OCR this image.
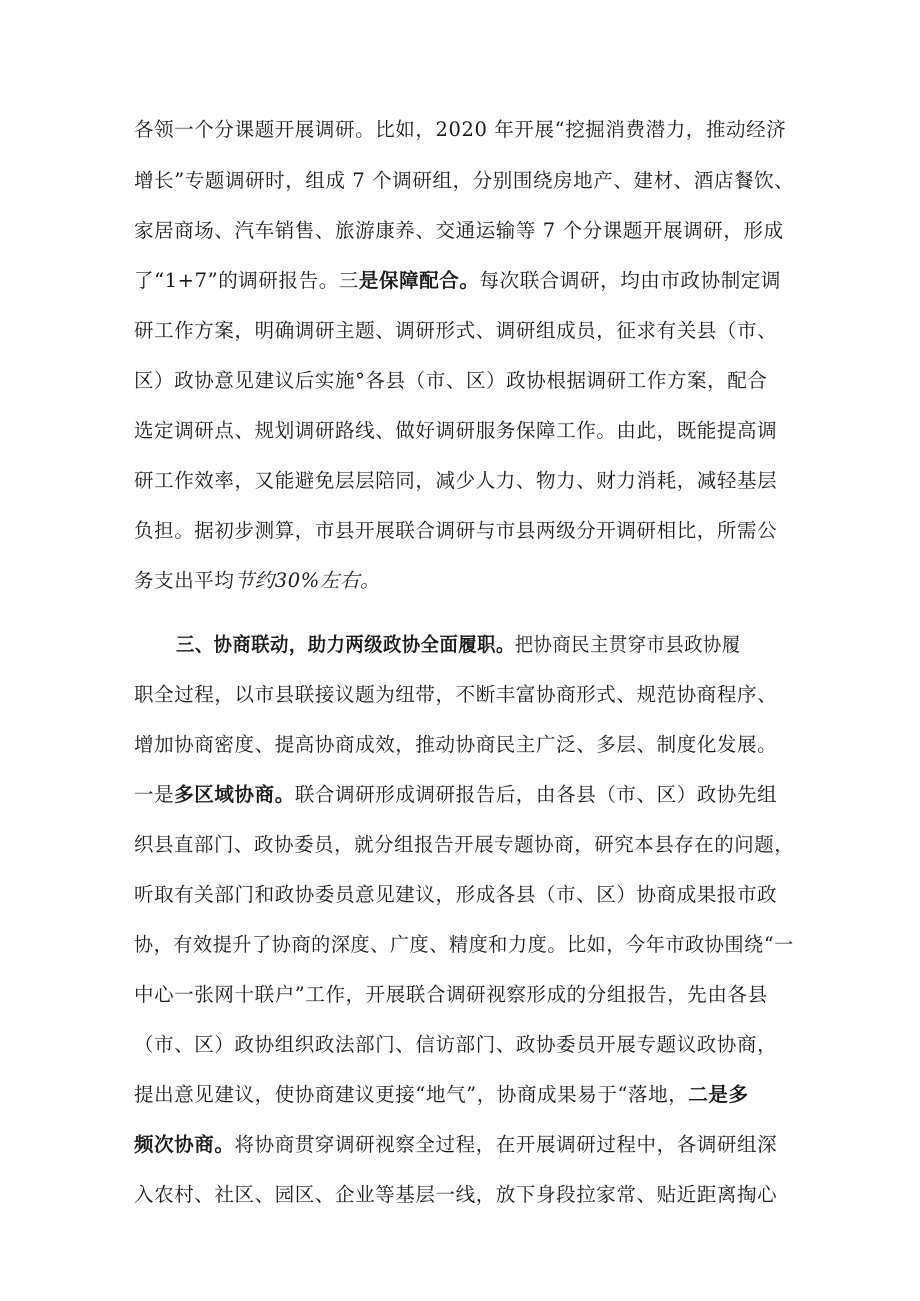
各领一个分课题开展调研。比如，2020 年开展“挖掘消费潜力，推动经济
增长”专题调研时，组成 7 个调研组，分别围绕房地产、建材、酒店餐饮、
家居商场、汽车销售、旅游康养、交通运输等 7 个分课题开展调研，形成
了“1+7”的调研报告。三是保障配合。每次联合调研，均由市政协制定调
研工作方案，明确调研主题、调研形式、调研组成员，征求有关县（市、
区）政协意见建议后实施°各县（市、区）政协根据调研工作方案，配合
选定调研点、规划调研路线、做好调研服务保障工作。由此，既能提高调
研工作效率，又能避免层层陪同，减少人力、物力、财力消耗，减轻基层
负担。据初步测算，市县开展联合调研与市县两级分开调研相比，所需公
务支出平均节约30%左右。
三、协商联动，助力两级政协全面履职。把协商民主贯穿市县政协履
职全过程，以市县联接议题为纽带，不断丰富协商形式、规范协商程序、
增加协商密度、提高协商成效，推动协商民主广泛、多层、制度化发展。
一是多区域协商。联合调研形成调研报告后，由各县（市、区）政协先组
织县直部门、政协委员，就分组报告开展专题协商，研究本县存在的问题，
听取有关部门和政协委员意见建议，形成各县（市、区）协商成果报市政
协，有效提升了协商的深度、广度、精度和力度。比如，今年市政协围绕“一
中心一张网十联户”工作，开展联合调研视察形成的分组报告，先由各县
（市、区）政协组织政法部门、信访部门、政协委员开展专题议政协商，
提出意见建议，使协商建议更接“地气”，协商成果易于“落地，二是多
频次协商。将协商贯穿调研视察全过程，在开展调研过程中，各调研组深
入农村、社区、园区、企业等基层一线，放下身段拉家常、贴近距离掏心
